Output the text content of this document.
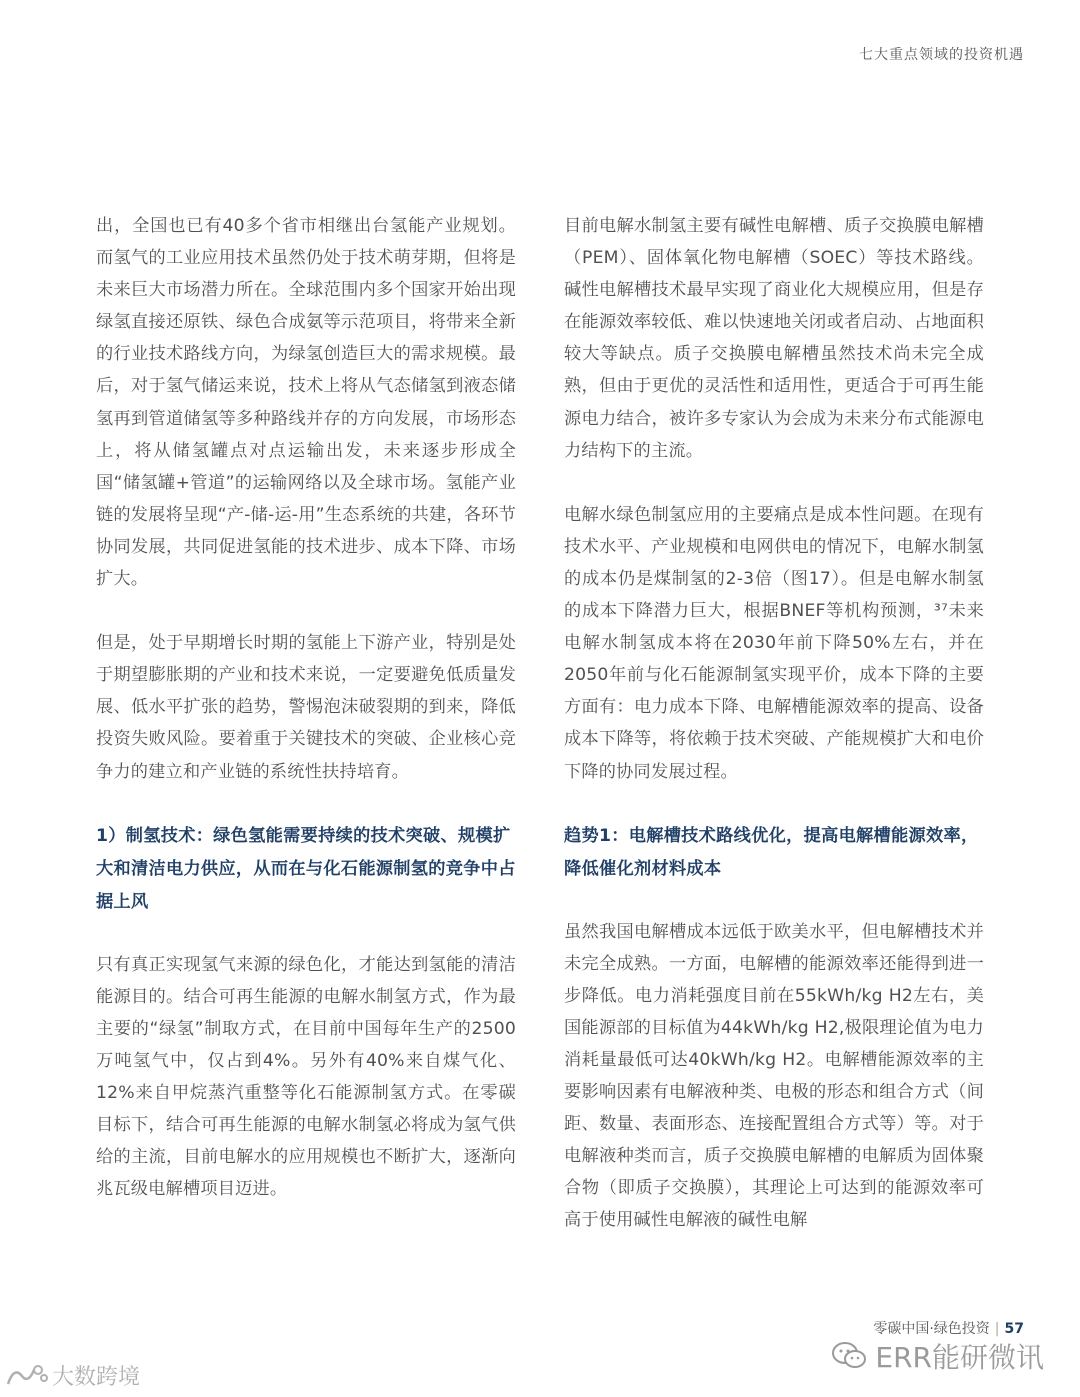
七大重点领域的投资机遇

出，全国也已有40多个省市相继出台氢能产业规划。而氢气的工业应用技术虽然仍处于技术萌芽期，但将是未来巨大市场潜力所在。全球范围内多个国家开始出现绿氢直接还原铁、绿色合成氨等示范项目，将带来全新的行业技术路线方向，为绿氢创造巨大的需求规模。最后，对于氢气储运来说，技术上将从气态储氢到液态储氢再到管道储氢等多种路线并存的方向发展，市场形态上，将从储氢罐点对点运输出发，未来逐步形成全国“储氢罐+管道”的运输网络以及全球市场。氢能产业链的发展将呈现“产-储-运-用”生态系统的共建，各环节协同发展，共同促进氢能的技术进步、成本下降、市场扩大。

但是，处于早期增长时期的氢能上下游产业，特别是处于期望膨胀期的产业和技术来说，一定要避免低质量发展、低水平扩张的趋势，警惕泡沫破裂期的到来，降低投资失败风险。要着重于关键技术的突破、企业核心竞争力的建立和产业链的系统性扶持培育。

1）制氢技术：绿色氢能需要持续的技术突破、规模扩大和清洁电力供应，从而在与化石能源制氢的竞争中占据上风

只有真正实现氢气来源的绿色化，才能达到氢能的清洁能源目的。结合可再生能源的电解水制氢方式，作为最主要的“绿氢”制取方式，在目前中国每年生产的2500万吨氢气中，仅占到4%。另外有40%来自煤气化、12%来自甲烷蒸汽重整等化石能源制氢方式。在零碳目标下，结合可再生能源的电解水制氢必将成为氢气供给的主流，目前电解水的应用规模也不断扩大，逐渐向兆瓦级电解槽项目迈进。

目前电解水制氢主要有碱性电解槽、质子交换膜电解槽（PEM）、固体氧化物电解槽（SOEC）等技术路线。碱性电解槽技术最早实现了商业化大规模应用，但是存在能源效率较低、难以快速地关闭或者启动、占地面积较大等缺点。质子交换膜电解槽虽然技术尚未完全成熟，但由于更优的灵活性和适用性，更适合于可再生能源电力结合，被许多专家认为会成为未来分布式能源电力结构下的主流。

电解水绿色制氢应用的主要痛点是成本性问题。在现有技术水平、产业规模和电网供电的情况下，电解水制氢的成本仍是煤制氢的2-3倍（图17）。但是电解水制氢的成本下降潜力巨大，根据BNEF等机构预测，³⁷未来电解水制氢成本将在2030年前下降50%左右，并在2050年前与化石能源制氢实现平价，成本下降的主要方面有：电力成本下降、电解槽能源效率的提高、设备成本下降等，将依赖于技术突破、产能规模扩大和电价下降的协同发展过程。

趋势1：电解槽技术路线优化，提高电解槽能源效率，降低催化剂材料成本

虽然我国电解槽成本远低于欧美水平，但电解槽技术并未完全成熟。一方面，电解槽的能源效率还能得到进一步降低。电力消耗强度目前在55kWh/kg H2左右，美国能源部的目标值为44kWh/kg H2,极限理论值为电力消耗量最低可达40kWh/kg H2。电解槽能源效率的主要影响因素有电解液种类、电极的形态和组合方式（间距、数量、表面形态、连接配置组合方式等）等。对于电解液种类而言，质子交换膜电解槽的电解质为固体聚合物（即质子交换膜），其理论上可达到的能源效率可高于使用碱性电解液的碱性电解

零碳中国·绿色投资 | 57
ERR能研微讯
大数跨境
